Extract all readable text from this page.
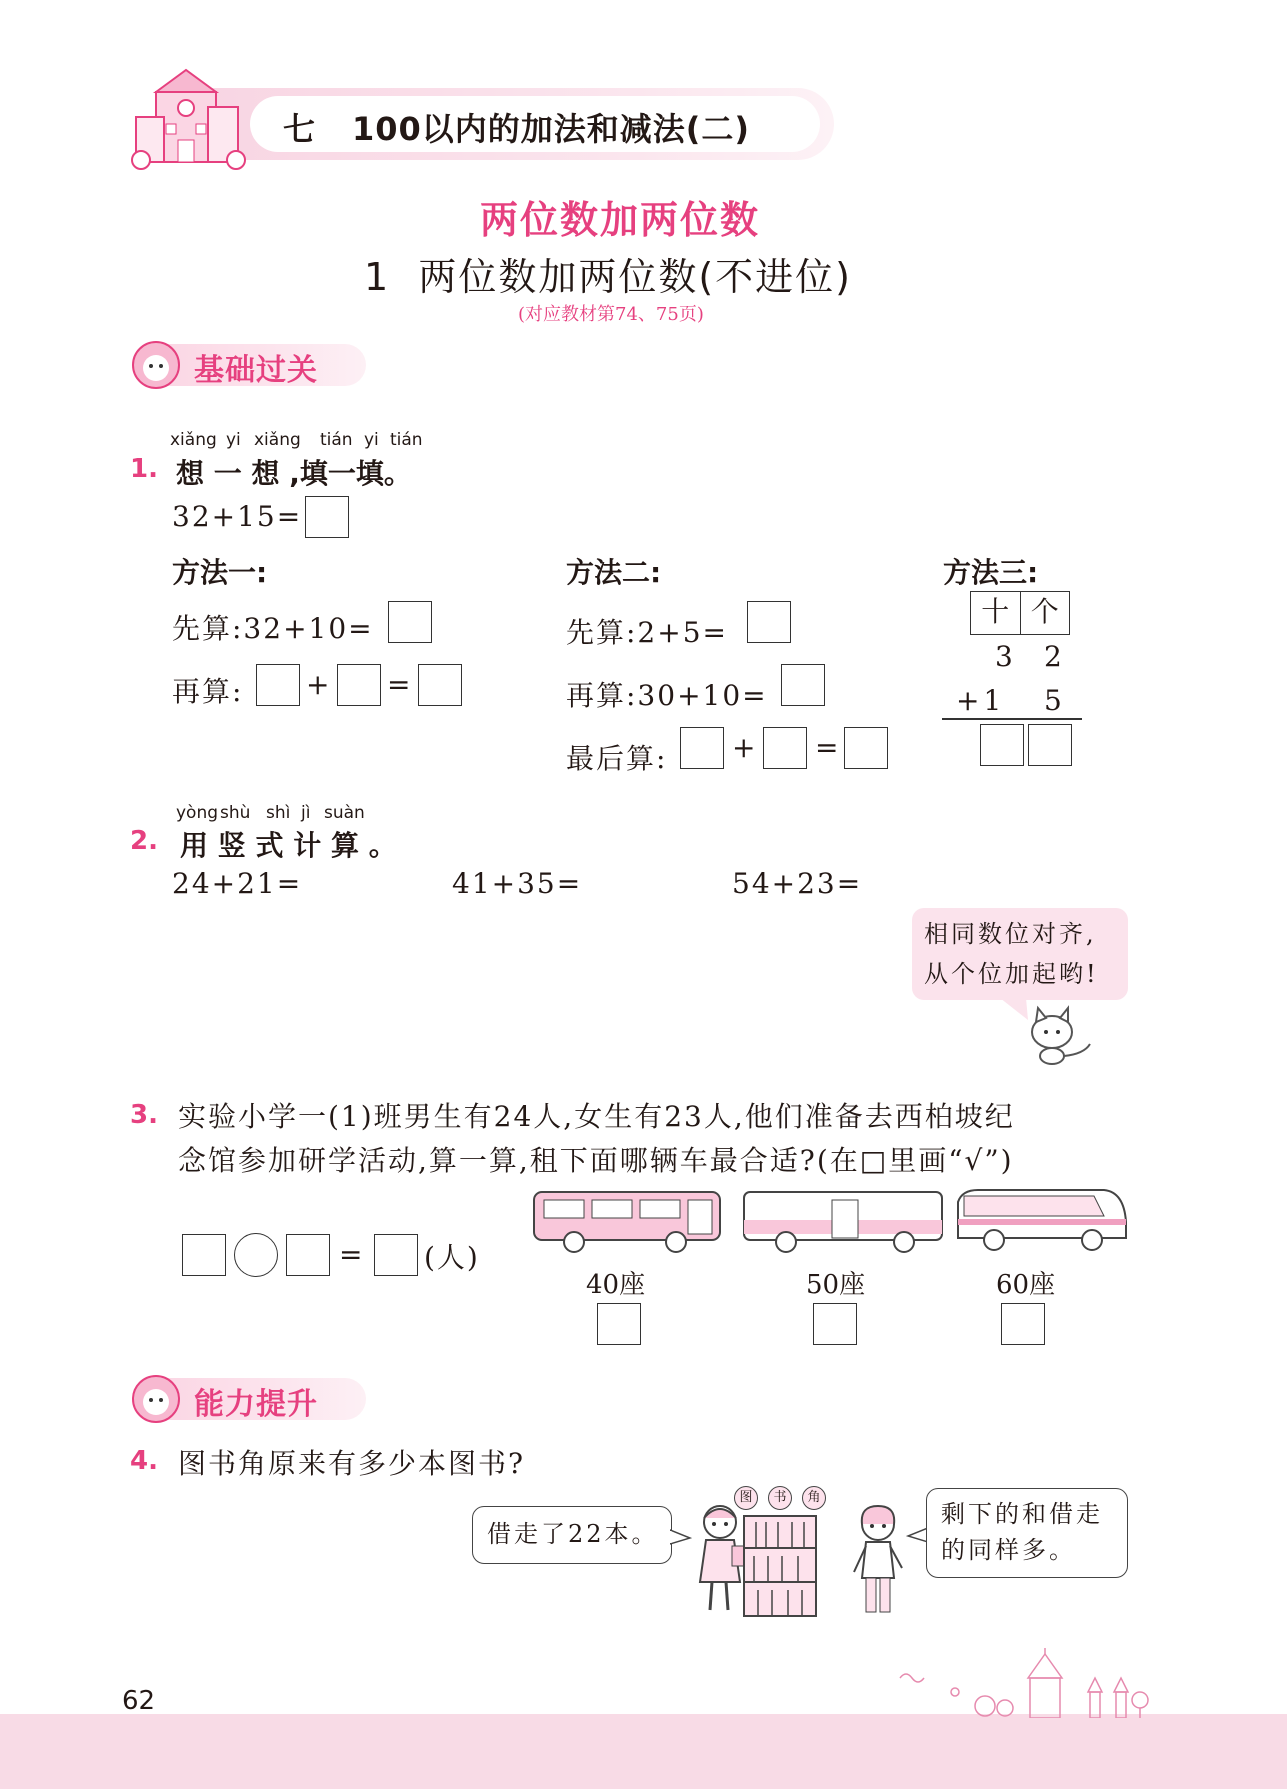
七 100以内的加法和减法(二)
两位数加两位数
1  两位数加两位数(不进位)
(对应教材第74、75页)
基础过关
xiǎng yi xiǎng tián yi tián
1. 想 一 想 ,填一填。
32+15=
方法一:
先算:32+10=
再算: + =
方法二:
先算:2+5=
再算:30+10=
最后算: + =
方法三:
十 个
3 2
+1 5
yòng shù shì jì suàn
2. 用 竖 式 计 算 。
24+21=	41+35=	54+23=
相同数位对齐,
从个位加起哟!
3. 实验小学一(1)班男生有24人,女生有23人,他们准备去西柏坡纪
念馆参加研学活动,算一算,租下面哪辆车最合适?(在□里画“√”)
= (人)
40座	50座	60座
能力提升
4. 图书角原来有多少本图书?
借走了22本。
图	书	角
剩下的和借走
的同样多。
62
